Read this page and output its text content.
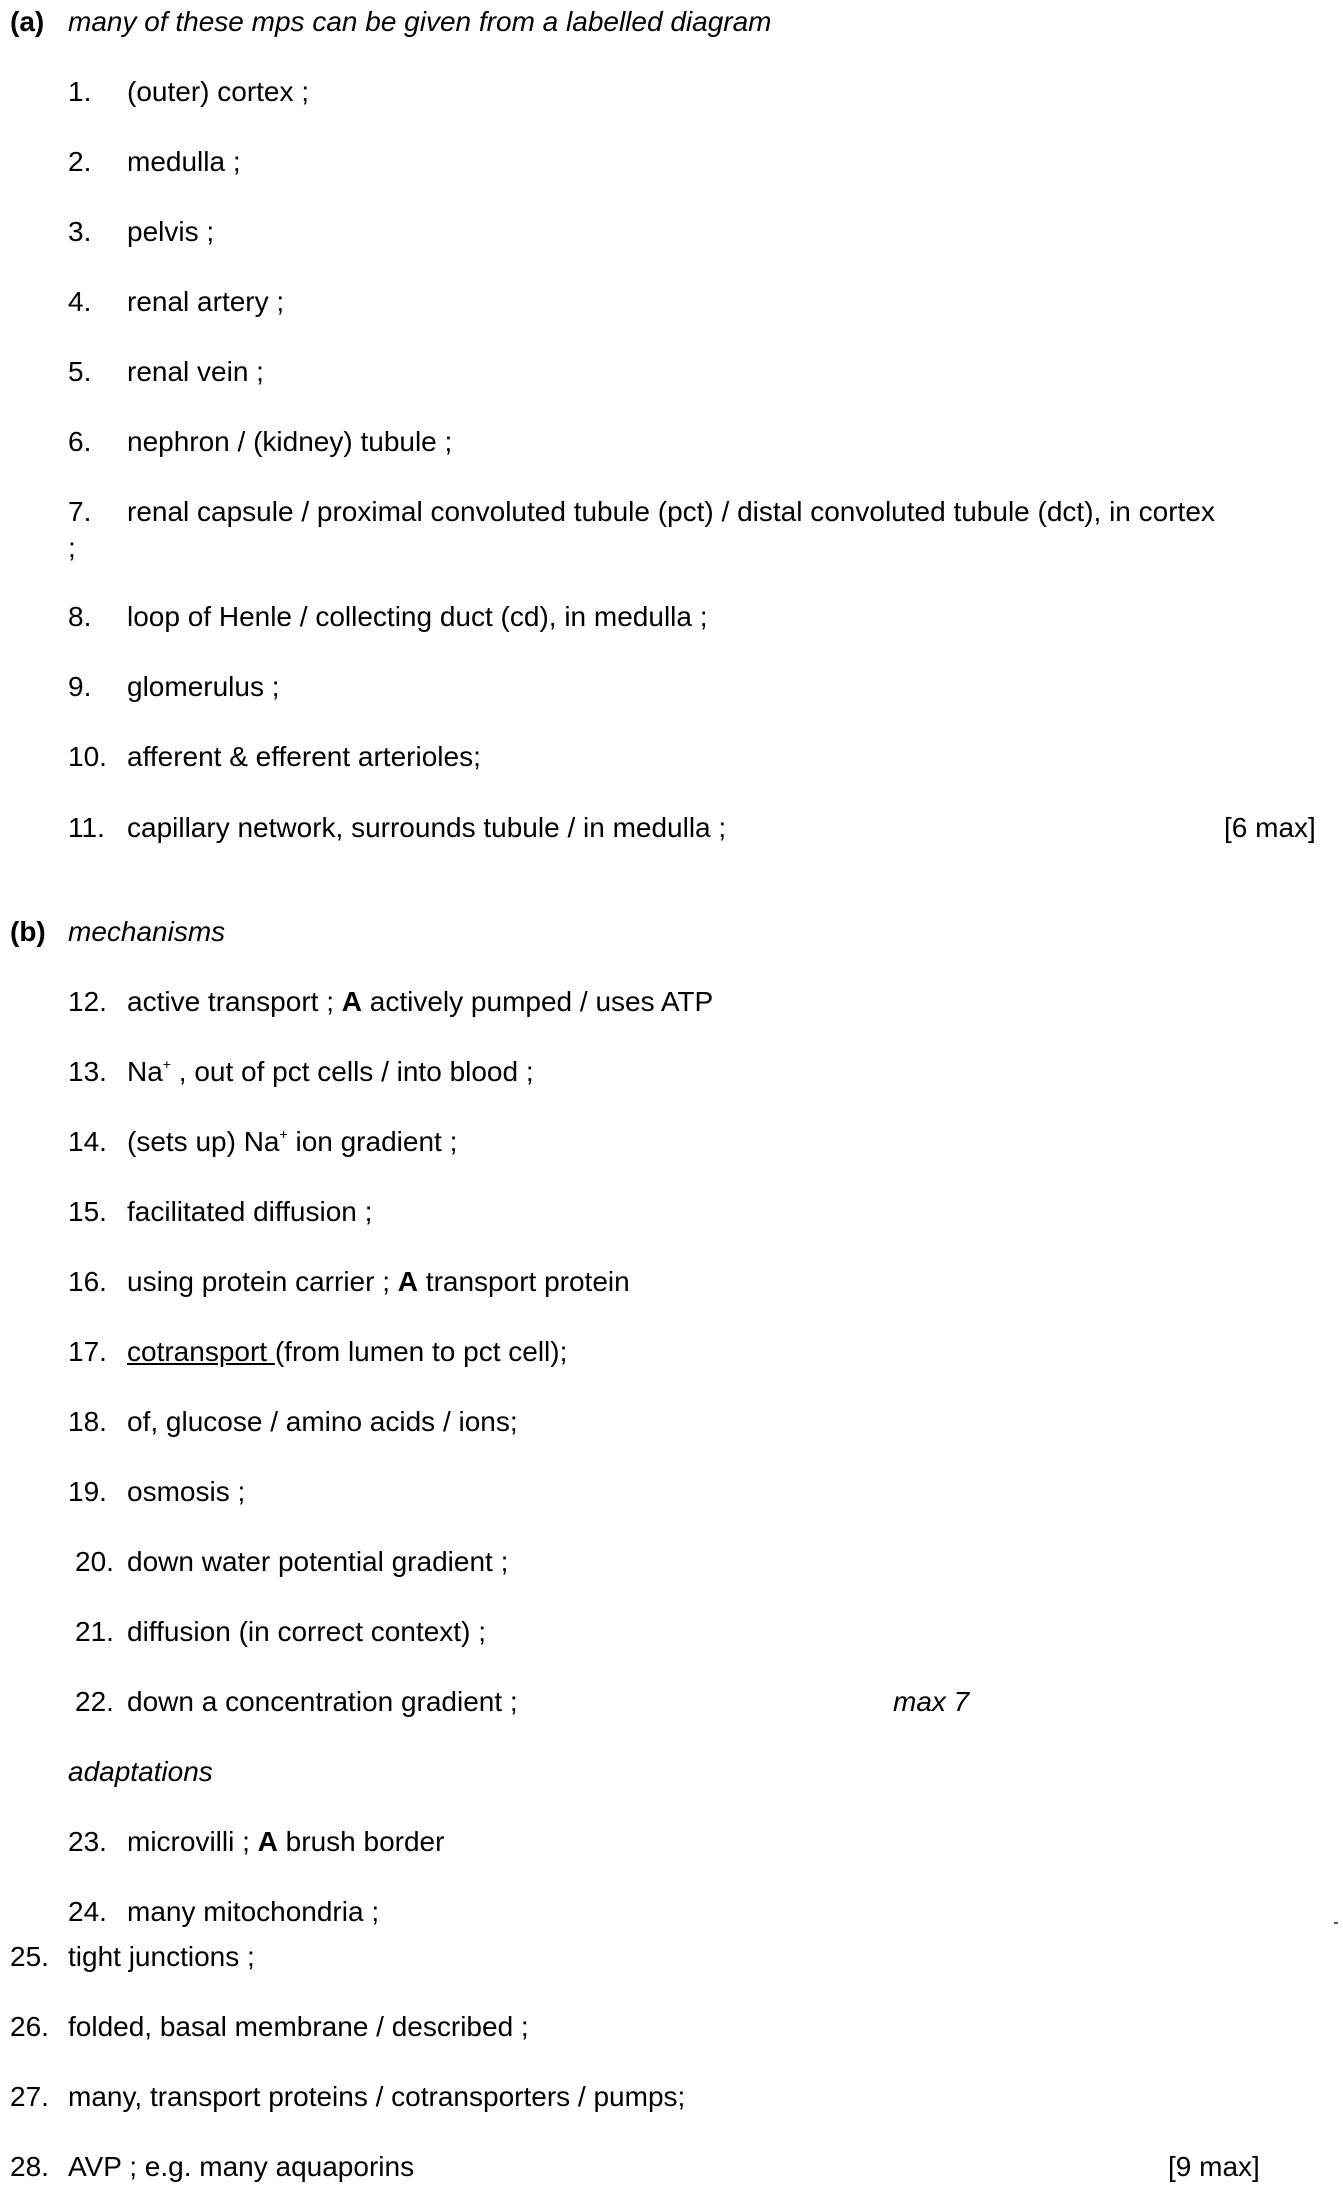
(a) many of these mps can be given from a labelled diagram
1. (outer) cortex ;
2. medulla ;
3. pelvis ;
4. renal artery ;
5. renal vein ;
6. nephron / (kidney) tubule ;
7. renal capsule / proximal convoluted tubule (pct) / distal convoluted tubule (dct), in cortex
;
8. loop of Henle / collecting duct (cd), in medulla ;
9. glomerulus ;
10. afferent & efferent arterioles;
11. capillary network, surrounds tubule / in medulla ;	[6 max]
(b) mechanisms
12. active transport ; A actively pumped / uses ATP
13. Na+ , out of pct cells / into blood ;
14. (sets up) Na+ ion gradient ;
15. facilitated diffusion ;
16. using protein carrier ; A transport protein
17. cotransport (from lumen to pct cell);
18. of, glucose / amino acids / ions;
19. osmosis ;
20. down water potential gradient ;
21. diffusion (in correct context) ;
22. down a concentration gradient ;	max 7
adaptations
23. microvilli ; A brush border
24. many mitochondria ;
25. tight junctions ;
26. folded, basal membrane / described ;
27. many, transport proteins / cotransporters / pumps;
28. AVP ; e.g. many aquaporins	[9 max]
